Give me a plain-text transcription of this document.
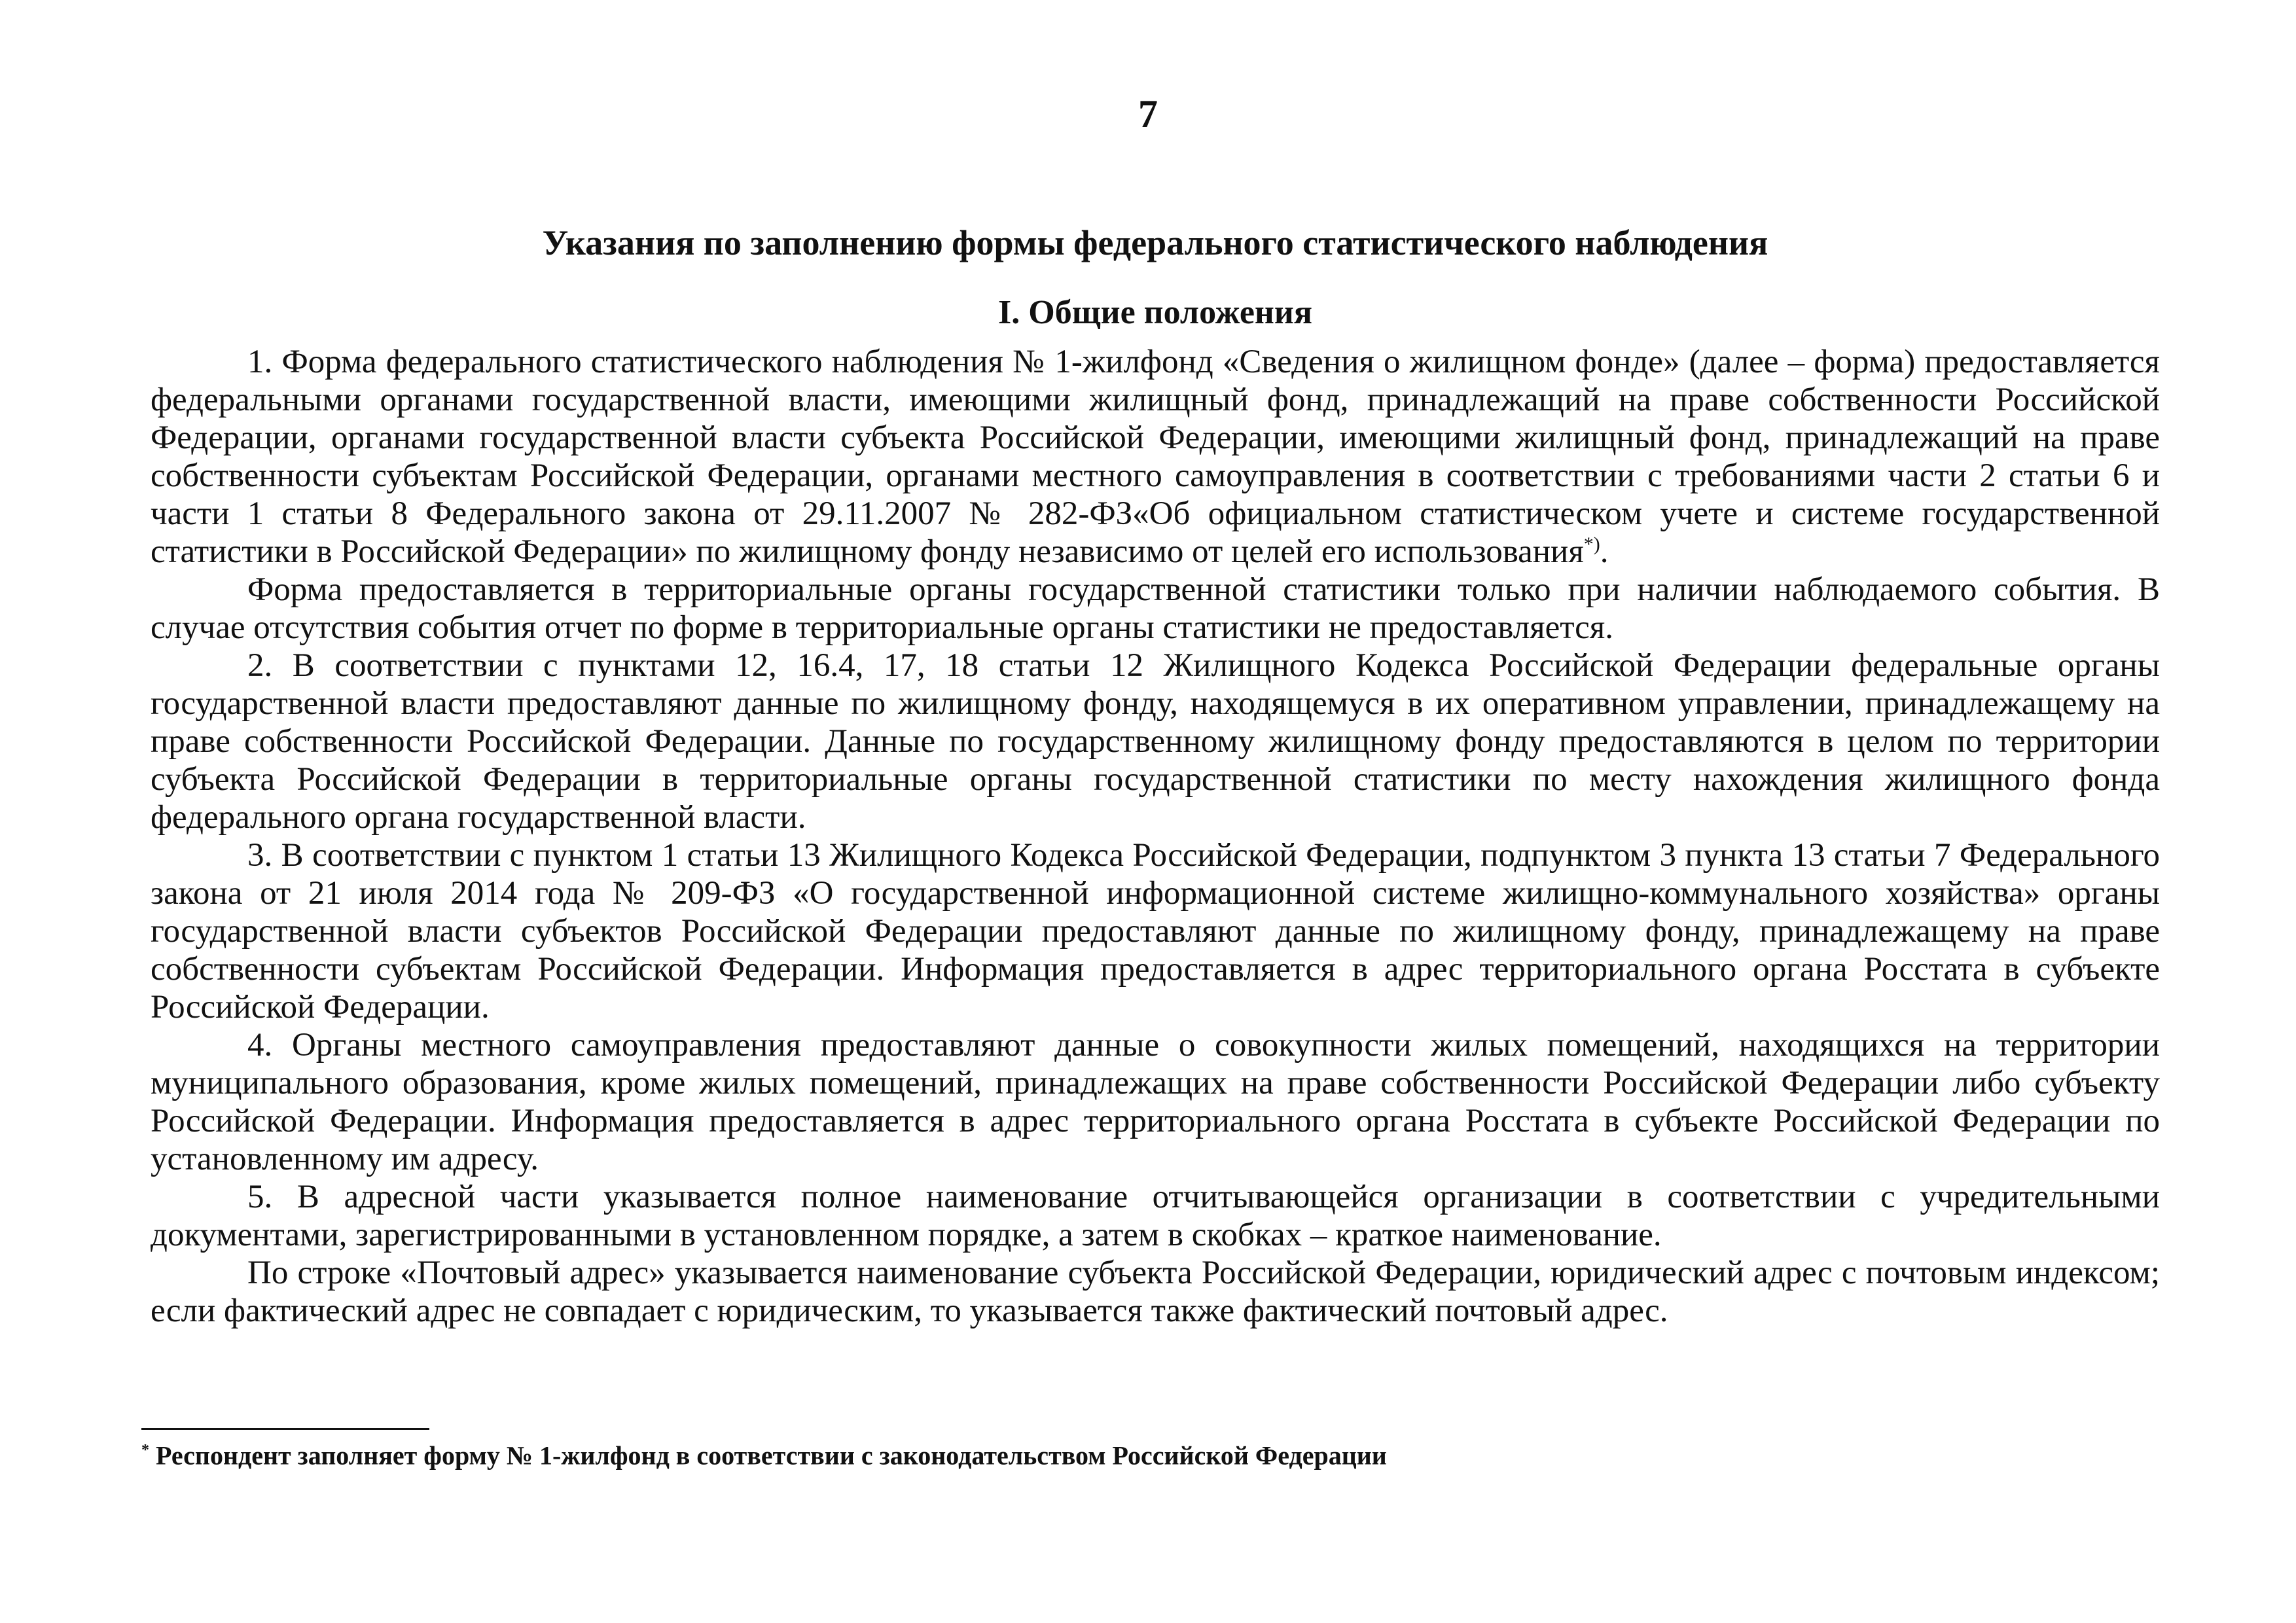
7
Указания по заполнению формы федерального статистического наблюдения
I. Общие положения

1. Форма федерального статистического наблюдения № 1-жилфонд «Сведения о жилищном фонде» (далее – форма) предоставляется федеральными органами государственной власти, имеющими жилищный фонд, принадлежащий на праве собственности Российской Федерации, органами государственной власти субъекта Российской Федерации, имеющими жилищный фонд, принадлежащий на праве собственности субъектам Российской Федерации, органами местного самоуправления в соответствии с требованиями части 2 статьи 6 и части 1 статьи 8 Федерального закона от 29.11.2007 № 282-ФЗ«Об официальном статистическом учете и системе государственной статистики в Российской Федерации» по жилищному фонду независимо от целей его использования*).

Форма предоставляется в территориальные органы государственной статистики только при наличии наблюдаемого события. В случае отсутствия события отчет по форме в территориальные органы статистики не предоставляется.

2. В соответствии с пунктами 12, 16.4, 17, 18 статьи 12 Жилищного Кодекса Российской Федерации федеральные органы государственной власти предоставляют данные по жилищному фонду, находящемуся в их оперативном управлении, принадлежащему на праве собственности Российской Федерации. Данные по государственному жилищному фонду предоставляются в целом по территории субъекта Российской Федерации в территориальные органы государственной статистики по месту нахождения жилищного фонда федерального органа государственной власти.

3. В соответствии с пунктом 1 статьи 13 Жилищного Кодекса Российской Федерации, подпунктом 3 пункта 13 статьи 7 Федерального закона от 21 июля 2014 года № 209-ФЗ «О государственной информационной системе жилищно-коммунального хозяйства» органы государственной власти субъектов Российской Федерации предоставляют данные по жилищному фонду, принадлежащему на праве собственности субъектам Российской Федерации. Информация предоставляется в адрес территориального органа Росстата в субъекте Российской Федерации.

4. Органы местного самоуправления предоставляют данные о совокупности жилых помещений, находящихся на территории муниципального образования, кроме жилых помещений, принадлежащих на праве собственности Российской Федерации либо субъекту Российской Федерации. Информация предоставляется в адрес территориального органа Росстата в субъекте Российской Федерации по установленному им адресу.

5. В адресной части указывается полное наименование отчитывающейся организации в соответствии с учредительными документами, зарегистрированными в установленном порядке, а затем в скобках – краткое наименование.

По строке «Почтовый адрес» указывается наименование субъекта Российской Федерации, юридический адрес с почтовым индексом; если фактический адрес не совпадает с юридическим, то указывается также фактический почтовый адрес.

* Респондент заполняет форму № 1-жилфонд в соответствии с законодательством Российской Федерации
